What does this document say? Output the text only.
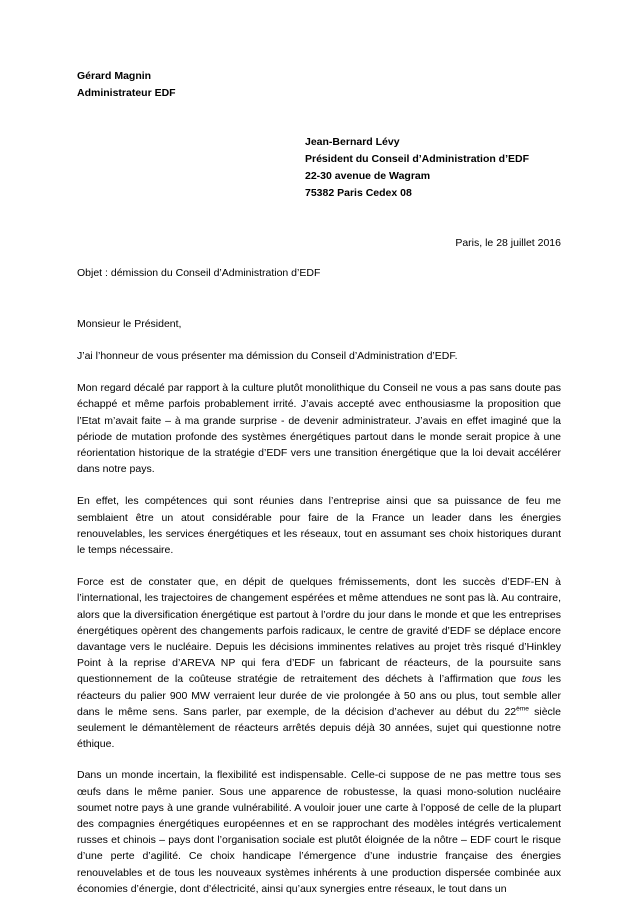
Gérard Magnin
Administrateur EDF
Jean-Bernard Lévy
Président du Conseil d’Administration d’EDF
22-30 avenue de Wagram
75382 Paris Cedex 08
Paris, le 28 juillet 2016
Objet : démission du Conseil d’Administration d’EDF
Monsieur le Président,

J’ai l’honneur de vous présenter ma démission du Conseil d’Administration d’EDF.

Mon regard décalé par rapport à la culture plutôt monolithique du Conseil ne vous a pas sans doute pas échappé et même parfois probablement irrité. J’avais accepté avec enthousiasme la proposition que l’Etat m’avait faite – à ma grande surprise - de devenir administrateur. J’avais en effet imaginé que la période de mutation profonde des systèmes énergétiques partout dans le monde serait propice à une réorientation historique de la stratégie d’EDF vers une transition énergétique que la loi devait accélérer dans notre pays.

En effet, les compétences qui sont réunies dans l’entreprise ainsi que sa puissance de feu me semblaient être un atout considérable pour faire de la France un leader dans les énergies renouvelables, les services énergétiques et les réseaux, tout en assumant ses choix historiques durant le temps nécessaire.

Force est de constater que, en dépit de quelques frémissements, dont les succès d’EDF-EN à l’international, les trajectoires de changement espérées et même attendues ne sont pas là. Au contraire, alors que la diversification énergétique est partout à l’ordre du jour dans le monde et que les entreprises énergétiques opèrent des changements parfois radicaux, le centre de gravité d’EDF se déplace encore davantage vers le nucléaire. Depuis les décisions imminentes relatives au projet très risqué d’Hinkley Point à la reprise d’AREVA NP qui fera d’EDF un fabricant de réacteurs, de la poursuite sans questionnement de la coûteuse stratégie de retraitement des déchets à l’affirmation que tous les réacteurs du palier 900 MW verraient leur durée de vie prolongée à 50 ans ou plus, tout semble aller dans le même sens. Sans parler, par exemple, de la décision d’achever au début du 22ème siècle seulement le démantèlement de réacteurs arrêtés depuis déjà 30 années, sujet qui questionne notre éthique.

Dans un monde incertain, la flexibilité est indispensable. Celle-ci suppose de ne pas mettre tous ses œufs dans le même panier. Sous une apparence de robustesse, la quasi mono-solution nucléaire soumet notre pays à une grande vulnérabilité. A vouloir jouer une carte à l’opposé de celle de la plupart des compagnies énergétiques européennes et en se rapprochant des modèles intégrés verticalement russes et chinois – pays dont l’organisation sociale est plutôt éloignée de la nôtre – EDF court le risque d’une perte d’agilité. Ce choix handicape l’émergence d’une industrie française des énergies renouvelables et de tous les nouveaux systèmes inhérents à une production dispersée combinée aux économies d’énergie, dont d’électricité, ainsi qu’aux synergies entre réseaux, le tout dans un
